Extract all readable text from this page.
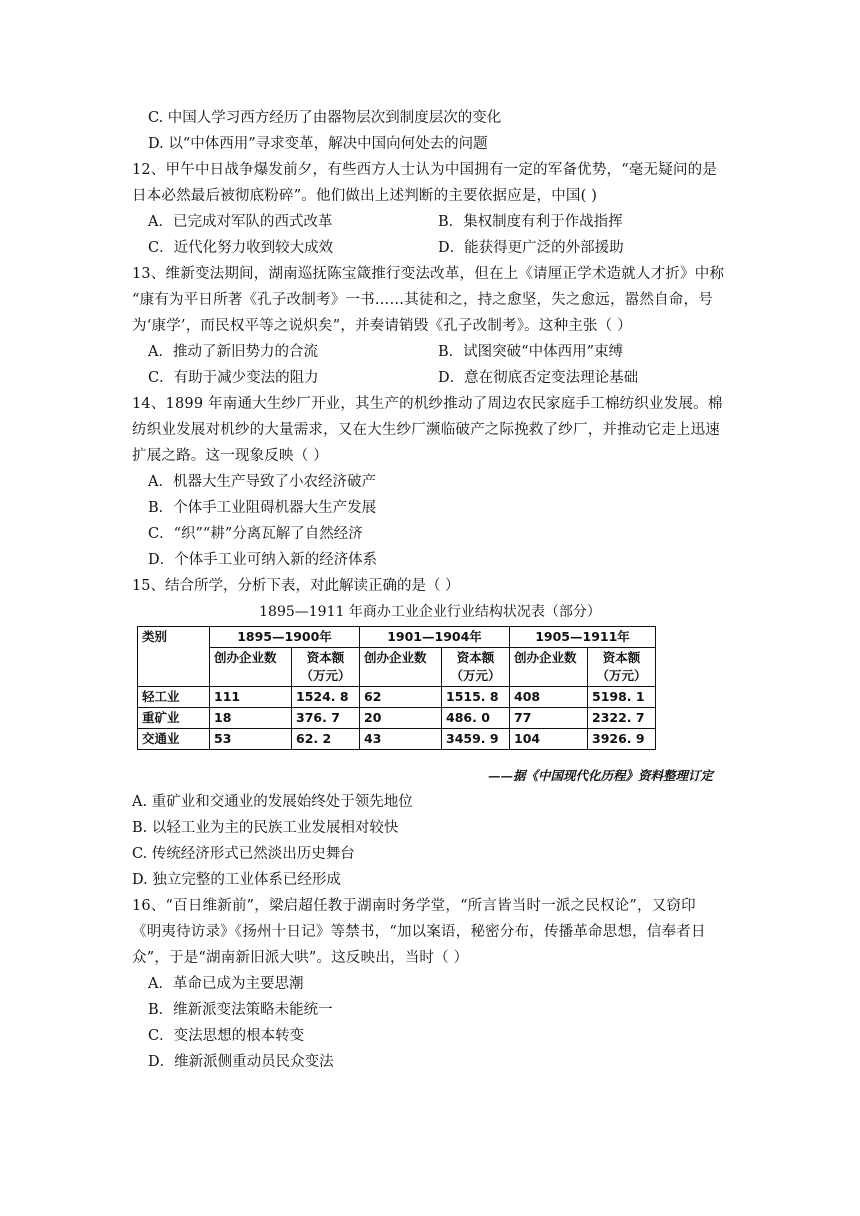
C. 中国人学习西方经历了由器物层次到制度层次的变化
D. 以“中体西用”寻求变革，解决中国向何处去的问题
12、甲午中日战争爆发前夕，有些西方人士认为中国拥有一定的军备优势，“毫无疑问的是
日本必然最后被彻底粉碎”。他们做出上述判断的主要依据应是，中国( )
A．已完成对军队的西式改革	B．集权制度有利于作战指挥
C．近代化努力收到较大成效	D．能获得更广泛的外部援助
13、维新变法期间，湖南巡抚陈宝箴推行变法改革，但在上《请厘正学术造就人才折》中称
“康有为平日所著《孔子改制考》一书……其徒和之，持之愈坚，失之愈远，嚣然自命，号
为‘康学’，而民权平等之说炽矣”，并奏请销毁《孔子改制考》。这种主张（ ）
A．推动了新旧势力的合流	B．试图突破“中体西用”束缚
C．有助于减少变法的阻力	D．意在彻底否定变法理论基础
14、1899 年南通大生纱厂开业，其生产的机纱推动了周边农民家庭手工棉纺织业发展。棉
纺织业发展对机纱的大量需求，又在大生纱厂濒临破产之际挽救了纱厂，并推动它走上迅速
扩展之路。这一现象反映（ ）
A．机器大生产导致了小农经济破产
B．个体手工业阻碍机器大生产发展
C．“织”“耕”分离瓦解了自然经济
D．个体手工业可纳入新的经济体系
15、结合所学，分析下表，对此解读正确的是（ ）
1895—1911 年商办工业企业行业结构状况表（部分）
类别	1895—1900年		1901—1904年		1905—1911年	
	创办企业数	资本额（万元）	创办企业数	资本额（万元）	创办企业数	资本额（万元）
轻工业	111	1524. 8	62	1515. 8	408	5198. 1
重矿业	18	376. 7	20	486. 0	77	2322. 7
交通业	53	62. 2	43	3459. 9	104	3926. 9
——据《中国现代化历程》资料整理订定
A. 重矿业和交通业的发展始终处于领先地位
B. 以轻工业为主的民族工业发展相对较快
C. 传统经济形式已然淡出历史舞台
D. 独立完整的工业体系已经形成
16、“百日维新前”，梁启超任教于湖南时务学堂，“所言皆当时一派之民权论”，又窃印
《明夷待访录》《扬州十日记》等禁书，“加以案语，秘密分布，传播革命思想，信奉者日
众”，于是“湖南新旧派大哄”。这反映出，当时（ ）
A．革命已成为主要思潮
B．维新派变法策略未能统一
C．变法思想的根本转变
D．维新派侧重动员民众变法
